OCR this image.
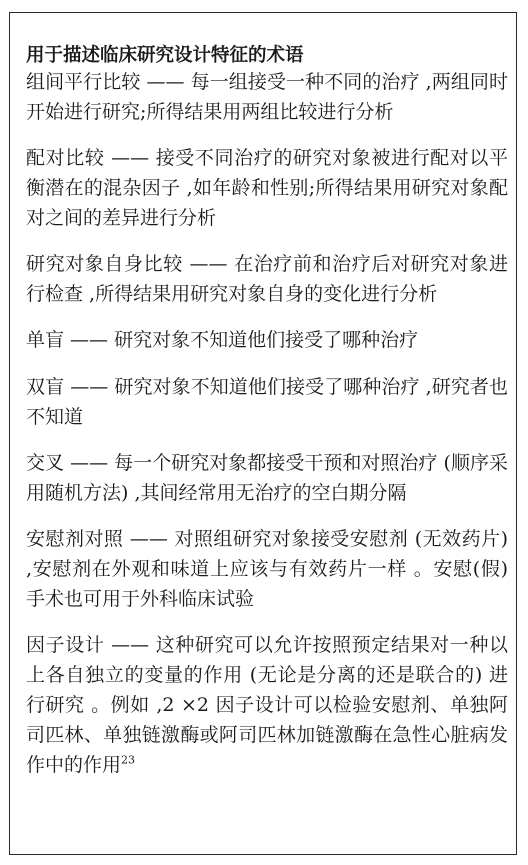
用于描述临床研究设计特征的术语
组间平行比较 —— 每一组接受一种不同的治疗 ,两组同时开始进行研究;所得结果用两组比较进行分析
配对比较 —— 接受不同治疗的研究对象被进行配对以平衡潜在的混杂因子 ,如年龄和性别;所得结果用研究对象配对之间的差异进行分析
研究对象自身比较 —— 在治疗前和治疗后对研究对象进行检查 ,所得结果用研究对象自身的变化进行分析
单盲 —— 研究对象不知道他们接受了哪种治疗
双盲 —— 研究对象不知道他们接受了哪种治疗 ,研究者也不知道
交叉 —— 每一个研究对象都接受干预和对照治疗 (顺序采用随机方法) ,其间经常用无治疗的空白期分隔
安慰剂对照 —— 对照组研究对象接受安慰剂 (无效药片) ,安慰剂在外观和味道上应该与有效药片一样 。安慰(假) 手术也可用于外科临床试验
因子设计 —— 这种研究可以允许按照预定结果对一种以上各自独立的变量的作用 (无论是分离的还是联合的) 进行研究 。例如 ,2 ×2 因子设计可以检验安慰剂、单独阿司匹林、单独链激酶或阿司匹林加链激酶在急性心脏病发作中的作用$^{23}$
